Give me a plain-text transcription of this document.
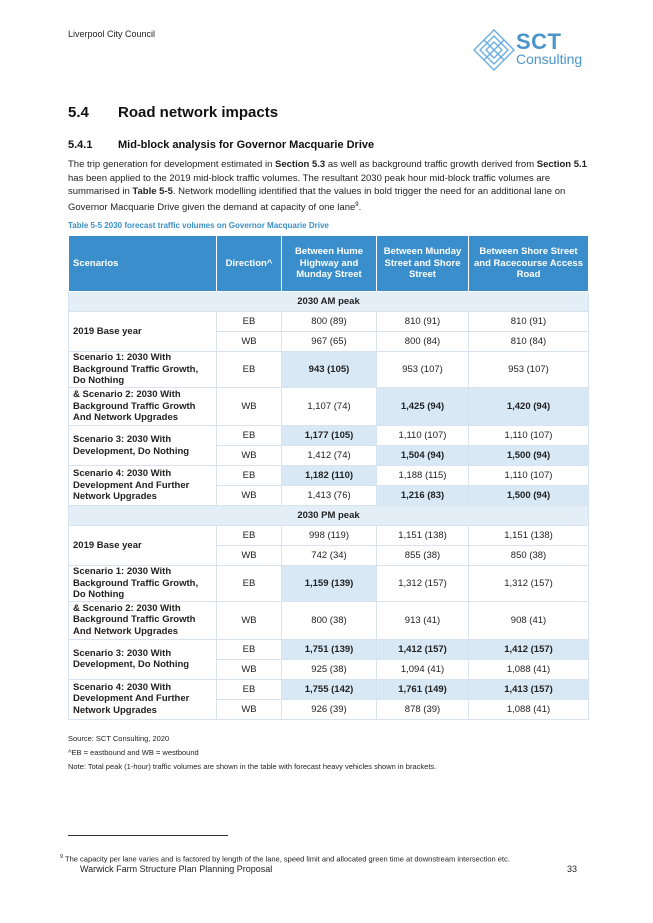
Liverpool City Council	SCT
Consulting
5.4 Road network impacts
5.4.1 Mid-block analysis for Governor Macquarie Drive

The trip generation for development estimated in Section 5.3 as well as background traffic growth derived from Section 5.1 has been applied to the 2019 mid-block traffic volumes. The resultant 2030 peak hour mid-block traffic volumes are summarised in Table 5-5. Network modelling identified that the values in bold trigger the need for an additional lane on Governor Macquarie Drive given the demand at capacity of one lane$^9$.

Table 5-5 2030 forecast traffic volumes on Governor Macquarie Drive
Scenarios	Direction^	Between Hume Highway and Munday Street	Between Munday Street and Shore Street	Between Shore Street and Racecourse Access Road
2030 AM peak				
2019 Base year	EB	800 (89)	810 (91)	810 (91)
	WB	967 (65)	800 (84)	810 (84)
Scenario 1: 2030 With Background Traffic Growth, Do Nothing	EB	943 (105)	953 (107)	953 (107)
& Scenario 2: 2030 With Background Traffic Growth And Network Upgrades	WB	1,107 (74)	1,425 (94)	1,420 (94)
Scenario 3: 2030 With Development, Do Nothing	EB	1,177 (105)	1,110 (107)	1,110 (107)
	WB	1,412 (74)	1,504 (94)	1,500 (94)
Scenario 4: 2030 With Development And Further Network Upgrades	EB	1,182 (110)	1,188 (115)	1,110 (107)
	WB	1,413 (76)	1,216 (83)	1,500 (94)
2030 PM peak				
2019 Base year	EB	998 (119)	1,151 (138)	1,151 (138)
	WB	742 (34)	855 (38)	850 (38)
Scenario 1: 2030 With Background Traffic Growth, Do Nothing	EB	1,159 (139)	1,312 (157)	1,312 (157)
& Scenario 2: 2030 With Background Traffic Growth And Network Upgrades	WB	800 (38)	913 (41)	908 (41)
Scenario 3: 2030 With Development, Do Nothing	EB	1,751 (139)	1,412 (157)	1,412 (157)
	WB	925 (38)	1,094 (41)	1,088 (41)
Scenario 4: 2030 With Development And Further Network Upgrades	EB	1,755 (142)	1,761 (149)	1,413 (157)
	WB	926 (39)	878 (39)	1,088 (41)
Source: SCT Consulting, 2020
^EB = eastbound and WB = westbound
Note: Total peak (1-hour) traffic volumes are shown in the table with forecast heavy vehicles shown in brackets.
$^9$ The capacity per lane varies and is factored by length of the lane, speed limit and allocated green time at downstream intersection etc.
Warwick Farm Structure Plan Planning Proposal	33
